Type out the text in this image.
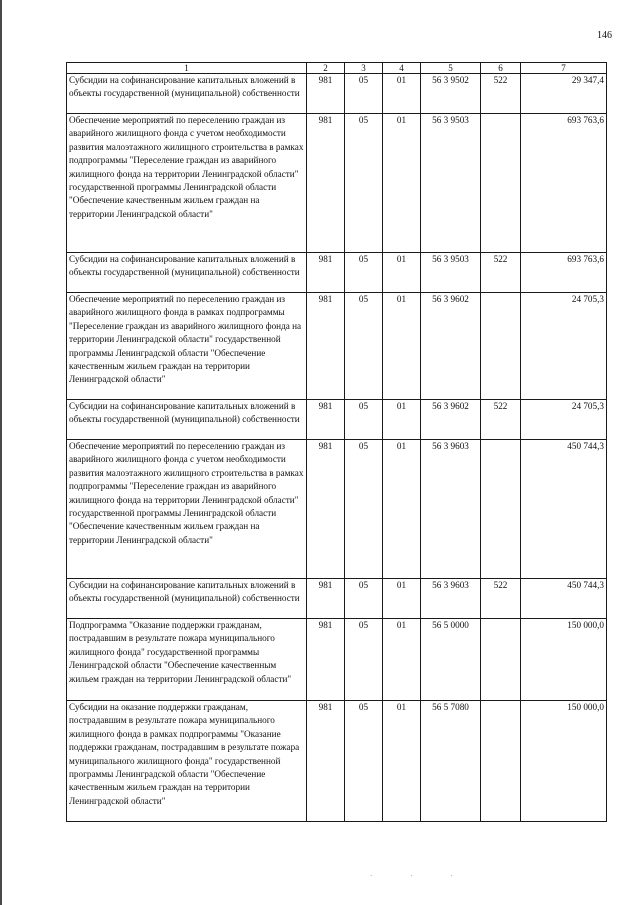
146
1	2	3	4	5	6	7
Субсидии на софинансирование капитальных вложений в объекты государственной (муниципальной) собственности	981	05	01	56 3 9502	522	29 347,4
Обеспечение мероприятий по переселению граждан из аварийного жилищного фонда с учетом необходимости развития малоэтажного жилищного строительства в рамках подпрограммы "Переселение граждан из аварийного жилищного фонда на территории Ленинградской области" государственной программы Ленинградской области "Обеспечение качественным жильем граждан на территории Ленинградской области"	981	05	01	56 3 9503		693 763,6
Субсидии на софинансирование капитальных вложений в объекты государственной (муниципальной) собственности	981	05	01	56 3 9503	522	693 763,6
Обеспечение мероприятий по переселению граждан из аварийного жилищного фонда в рамках подпрограммы "Переселение граждан из аварийного жилищного фонда на территории Ленинградской области" государственной программы Ленинградской области "Обеспечение качественным жильем граждан на территории Ленинградской области"	981	05	01	56 3 9602		24 705,3
Субсидии на софинансирование капитальных вложений в объекты государственной (муниципальной) собственности	981	05	01	56 3 9602	522	24 705,3
Обеспечение мероприятий по переселению граждан из аварийного жилищного фонда с учетом необходимости развития малоэтажного жилищного строительства в рамках подпрограммы "Переселение граждан из аварийного жилищного фонда на территории Ленинградской области" государственной программы Ленинградской области "Обеспечение качественным жильем граждан на территории Ленинградской области"	981	05	01	56 3 9603		450 744,3
Субсидии на софинансирование капитальных вложений в объекты государственной (муниципальной) собственности	981	05	01	56 3 9603	522	450 744,3
Подпрограмма "Оказание поддержки гражданам, пострадавшим в результате пожара муниципального жилищного фонда" государственной программы Ленинградской области "Обеспечение качественным жильем граждан на территории Ленинградской области"	981	05	01	56 5 0000		150 000,0
Субсидии на оказание поддержки гражданам, пострадавшим в результате пожара муниципального жилищного фонда в рамках подпрограммы "Оказание поддержки гражданам, пострадавшим в результате пожара муниципального жилищного фонда" государственной программы Ленинградской области "Обеспечение качественным жильем граждан на территории Ленинградской области"	981	05	01	56 5 7080		150 000,0
· · ·
